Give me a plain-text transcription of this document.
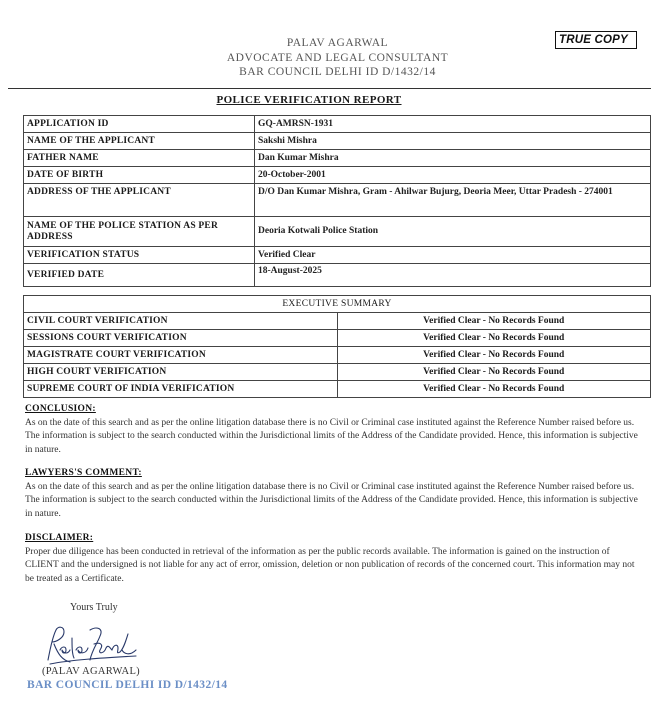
TRUE COPY
PALAV AGARWAL
ADVOCATE AND LEGAL CONSULTANT
BAR COUNCIL DELHI ID D/1432/14
POLICE VERIFICATION REPORT
APPLICATION ID	GQ-AMRSN-1931
NAME OF THE APPLICANT	Sakshi Mishra
FATHER NAME	Dan Kumar Mishra
DATE OF BIRTH	20-October-2001
ADDRESS OF THE APPLICANT	D/O Dan Kumar Mishra, Gram - Ahilwar Bujurg, Deoria Meer, Uttar Pradesh - 274001
NAME OF THE POLICE STATION AS PER ADDRESS	Deoria Kotwali Police Station
VERIFICATION STATUS	Verified Clear
VERIFIED DATE	18-August-2025
EXECUTIVE SUMMARY	
CIVIL COURT VERIFICATION	Verified Clear - No Records Found
SESSIONS COURT VERIFICATION	Verified Clear - No Records Found
MAGISTRATE COURT VERIFICATION	Verified Clear - No Records Found
HIGH COURT VERIFICATION	Verified Clear - No Records Found
SUPREME COURT OF INDIA VERIFICATION	Verified Clear - No Records Found
CONCLUSION:
As on the date of this search and as per the online litigation database there is no Civil or Criminal case instituted against the Reference Number raised before us. The information is subject to the search conducted within the Jurisdictional limits of the Address of the Candidate provided. Hence, this information is subjective in nature.
LAWYERS'S COMMENT:
As on the date of this search and as per the online litigation database there is no Civil or Criminal case instituted against the Reference Number raised before us. The information is subject to the search conducted within the Jurisdictional limits of the Address of the Candidate provided. Hence, this information is subjective in nature.
DISCLAIMER:
Proper due diligence has been conducted in retrieval of the information as per the public records available. The information is gained on the instruction of CLIENT and the undersigned is not liable for any act of error, omission, deletion or non publication of records of the concerned court. This information may not be treated as a Certificate.
Yours Truly
(PALAV AGARWAL)
BAR COUNCIL DELHI ID D/1432/14
